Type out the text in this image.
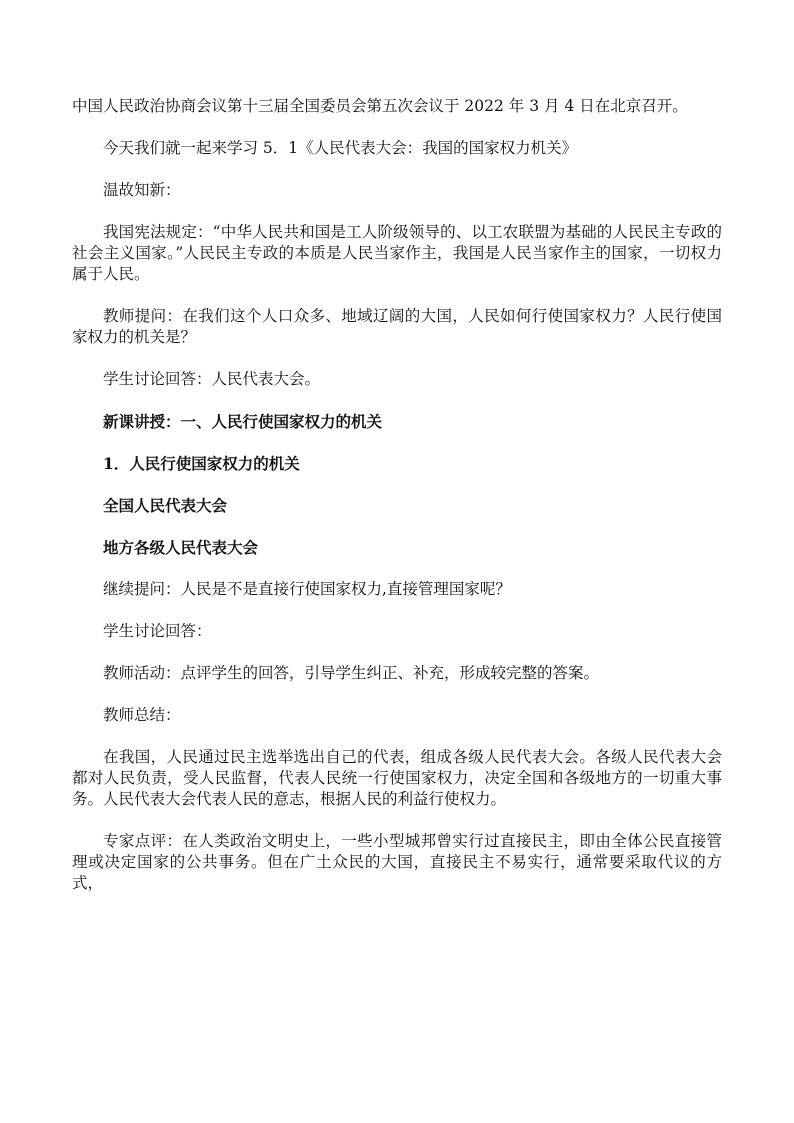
中国人民政治协商会议第十三届全国委员会第五次会议于 2022 年 3 月 4 日在北京召开。

今天我们就一起来学习 5．1《人民代表大会：我国的国家权力机关》

温故知新：

我国宪法规定：“中华人民共和国是工人阶级领导的、以工农联盟为基础的人民民主专政的社会主义国家。”人民民主专政的本质是人民当家作主，我国是人民当家作主的国家，一切权力属于人民。

教师提问：在我们这个人口众多、地域辽阔的大国，人民如何行使国家权力？人民行使国家权力的机关是？

学生讨论回答：人民代表大会。

新课讲授：一、人民行使国家权力的机关

1．人民行使国家权力的机关

全国人民代表大会

地方各级人民代表大会

继续提问：人民是不是直接行使国家权力,直接管理国家呢？

学生讨论回答：

教师活动：点评学生的回答，引导学生纠正、补充，形成较完整的答案。

教师总结：

在我国，人民通过民主选举选出自己的代表，组成各级人民代表大会。各级人民代表大会都对人民负责，受人民监督，代表人民统一行使国家权力，决定全国和各级地方的一切重大事务。人民代表大会代表人民的意志，根据人民的利益行使权力。

专家点评：在人类政治文明史上，一些小型城邦曾实行过直接民主，即由全体公民直接管理或决定国家的公共事务。但在广土众民的大国，直接民主不易实行，通常要采取代议的方式，
